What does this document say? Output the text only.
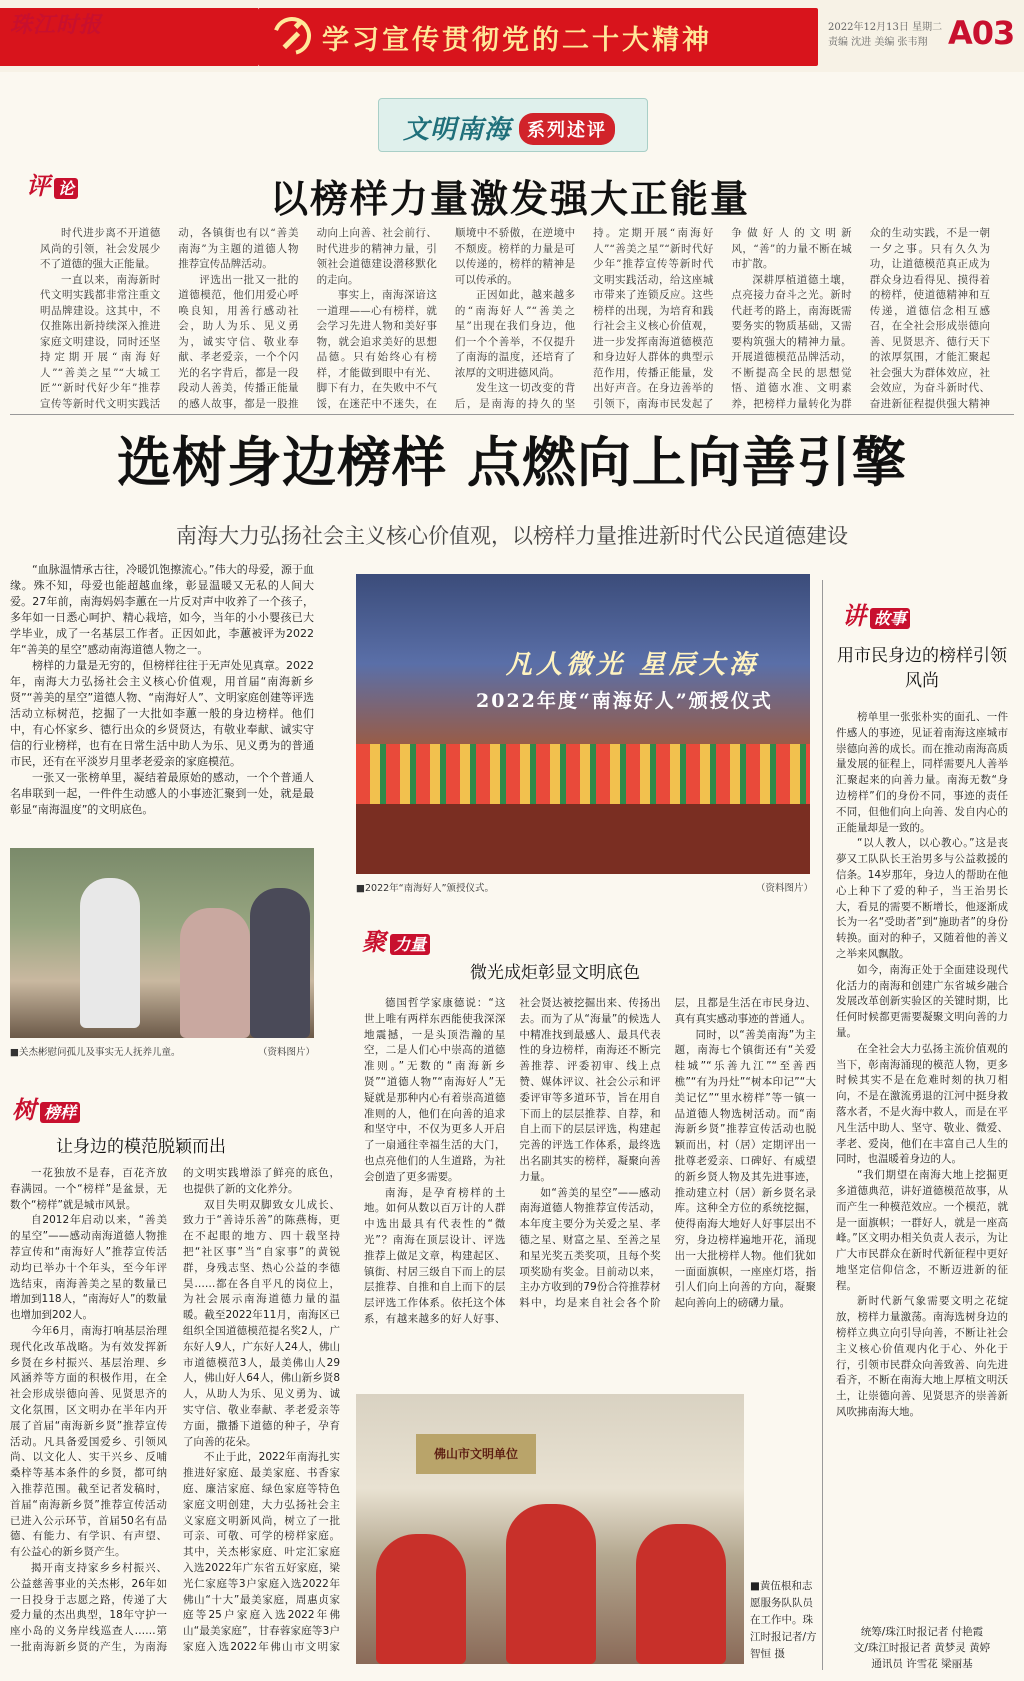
珠江时报	学习宣传贯彻党的二十大精神	2022年12月13日 星期二
责编 沈进 美编 张韦翔 A03
文明南海 系列述评
评论	以榜样力量激发强大正能量

时代进步离不开道德风尚的引领，社会发展少不了道德的强大正能量。

一直以来，南海新时代文明实践都非常注重文明品牌建设。这其中，不仅推陈出新持续深入推进家庭文明建设，同时还坚持定期开展“南海好人”“善美之星”“大城工匠”“新时代好少年”推荐宣传等新时代文明实践活动，各镇街也有以“善美南海”为主题的道德人物推荐宣传品牌活动。

评选出一批又一批的道德模范，他们用爱心呼唤良知，用善行感动社会，助人为乐、见义勇为，诚实守信、敬业奉献、孝老爱亲，一个个闪光的名字背后，都是一段段动人善美，传播正能量的感人故事，都是一股推动向上向善、社会前行、时代进步的精神力量，引领社会道德建设潜移默化的走向。

事实上，南海深谙这一道理——心有榜样，就会学习先进人物和美好事物，就会追求美好的思想品德。只有始终心有榜样，才能做到眼中有光、脚下有力，在失败中不气馁，在迷茫中不迷失，在顺境中不骄傲，在逆境中不颓废。榜样的力量是可以传递的，榜样的精神是可以传承的。

正因如此，越来越多的“南海好人”“善美之星”出现在我们身边，他们一个个善举，不仅提升了南海的温度，还培育了浓厚的文明进德风尚。

发生这一切改变的背后，是南海的持久的坚持。定期开展“南海好人”“善美之星”“新时代好少年”推荐宣传等新时代文明实践活动，给这座城市带来了连锁反应。这些榜样的出现，为培育和践行社会主义核心价值观，进一步发挥南海道德模范和身边好人群体的典型示范作用，传播正能量，发出好声音。在身边善举的引领下，南海市民发起了争做好人的文明新风，“善”的力量不断在城市扩散。

深耕厚植道德土壤，点亮接力奋斗之光。新时代赶考的路上，南海既需要务实的物质基础，又需要构筑强大的精神力量。开展道德模范品牌活动，不断提高全民的思想觉悟、道德水准、文明素养，把榜样力量转化为群众的生动实践，不是一朝一夕之事。只有久久为功，让道德模范真正成为群众身边看得见、摸得着的榜样，使道德精神和互传递，道德信念相互感召，在全社会形成崇德向善、见贤思齐、德行天下的浓厚氛围，才能汇聚起社会强大为群体效应，社会效应，为奋斗新时代、奋进新征程提供强大精神

选树身边榜样 点燃向上向善引擎
南海大力弘扬社会主义核心价值观，以榜样力量推进新时代公民道德建设

“血脉温情承古往，冷暖饥饱擦流心。”伟大的母爱，源于血缘。殊不知，母爱也能超越血缘，彰显温暖又无私的人间大爱。27年前，南海妈妈李蕙在一片反对声中收养了一个孩子，多年如一日悉心呵护、精心栽培，如今，当年的小小婴孩已大学毕业，成了一名基层工作者。正因如此，李蕙被评为2022年“善美的星空”感动南海道德人物之一。

榜样的力量是无穷的，但榜样往往于无声处见真章。2022年，南海大力弘扬社会主义核心价值观，用首届“南海新乡贤”“善美的星空”道德人物、“南海好人”、文明家庭创建等评选活动立标树范，挖掘了一大批如李蕙一般的身边榜样。他们中，有心怀家乡、德行出众的乡贤贤达，有敬业奉献、诚实守信的行业榜样，也有在日常生活中助人为乐、见义勇为的普通市民，还有在平淡岁月里孝老爱亲的家庭模范。

一张又一张榜单里，凝结着最原始的感动，一个个普通人名串联到一起，一件件生动感人的小事迹汇聚到一处，就是最彰显“南海温度”的文明底色。

■关杰彬慰问孤儿及事实无人抚养儿童。	（资料图片）
凡人微光 星辰大海
2022年度“南海好人”颁授仪式
■2022年“南海好人”颁授仪式。	（资料图片）
聚力量
微光成炬彰显文明底色

德国哲学家康德说：“这世上唯有两样东西能使我深深地震撼，一是头顶浩瀚的星空，二是人们心中崇高的道德准则。”无数的“南海新乡贤”“道德人物”“南海好人”无疑就是那种内心有着崇高道德准则的人，他们在向善的追求和坚守中，不仅为更多人开启了一扇通往幸福生活的大门，也点亮他们的人生道路，为社会创造了更多需要。

南海，是孕育榜样的土地。如何从数以百万计的人群中选出最具有代表性的“微光”？南海在顶层设计、评选推荐上做足文章，构建起区、镇街、村居三级自下而上的层层推荐、自推和自上而下的层层评选工作体系。依托这个体系，有越来越多的好人好事、社会贤达被挖掘出来、传扬出去。而为了从“海量”的候选人中精准找到最感人、最具代表性的身边榜样，南海还不断完善推荐、评委初审、线上点赞、媒体评议、社会公示和评委评审等多道环节，旨在用自下而上的层层推荐、自荐，和自上而下的层层评选，构建起完善的评选工作体系，最终选出名副其实的榜样，凝聚向善力量。

如“善美的星空”——感动南海道德人物推荐宣传活动，本年度主要分为关爱之星、孝德之星、财富之星、至善之星和星光奖五类奖项，且每个奖项奖励有奖金。目前动以来，主办方收到的79份合符推荐材料中，均是来自社会各个阶层，且都是生活在市民身边、真有真实感动事迹的普通人。

同时，以“善美南海”为主题，南海七个镇街还有“关爱桂城”“乐善九江”“至善西樵”“有为丹灶”“树本印记”“大美记忆”“里水榜样”等一镇一品道德人物选树活动。而“南海新乡贤”推荐宣传活动也脱颖而出，村（居）定期评出一批尊老爱亲、口碑好、有威望的新乡贤人物及其先进事迹，推动建立村（居）新乡贤名录库。这种全方位的系统挖掘，使得南海大地好人好事层出不穷，身边榜样遍地开花，涌现出一大批榜样人物。他们犹如一面面旗帜，一座座灯塔，指引人们向上向善的方向，凝聚起向善向上的磅礴力量。

佛山市文明单位
■黄伍根和志愿服务队队员在工作中。珠江时报记者/方智恒 摄
树榜样
让身边的模范脱颖而出

一花独放不是春，百花齐放春满园。一个“榜样”是盆景，无数个“榜样”就是城市风景。

自2012年启动以来，“善美的星空”——感动南海道德人物推荐宣传和“南海好人”推荐宣传活动均已举办十个年头，至今年评选结束，南海善美之星的数量已增加到118人，“南海好人”的数量也增加到202人。

今年6月，南海打响基层治理现代化改革战略。为有效发挥新乡贤在乡村振兴、基层治理、乡风涵养等方面的积极作用，在全社会形成崇德向善、见贤思齐的文化氛围，区文明办在半年内开展了首届“南海新乡贤”推荐宣传活动。凡具备爱国爱乡、引领风尚、以文化人、实干兴乡、反哺桑梓等基本条件的乡贤，都可纳入推荐范围。截至记者发稿时，首届“南海新乡贤”推荐宣传活动已进入公示环节，首届50名有品德、有能力、有学识、有声望、有公益心的新乡贤产生。

揭开南支持家乡乡村振兴、公益慈善事业的关杰彬，26年如一日投身于志愿之路，传递了大爱力量的杰出典型，18年守护一座小岛的义务岸线巡查人……第一批南海新乡贤的产生，为南海的文明实践增添了鲜亮的底色，也提供了新的文化养分。

双目失明双脚致女儿成长、致力于“善诗乐善”的陈燕梅，更在不起眼的地方、四十载坚持把“社区事”当“自家事”的黄锐群，身残志坚、热心公益的李德昊……都在各自平凡的岗位上，为社会展示南海道德力量的温暖。截至2022年11月，南海区已组织全国道德模范提名奖2人，广东好人9人，广东好人24人，佛山市道德模范3人，最美佛山人29人，佛山好人64人，佛山新乡贤8人，从助人为乐、见义勇为、诚实守信、敬业奉献、孝老爱亲等方面，撒播下道德的种子，孕育了向善的花朵。

不止于此，2022年南海扎实推进好家庭、最美家庭、书香家庭、廉洁家庭、绿色家庭等特色家庭文明创建，大力弘扬社会主义家庭文明新风尚，树立了一批可亲、可敬、可学的榜样家庭。其中，关杰彬家庭、叶定汇家庭入选2022年广东省五好家庭，梁光仁家庭等3户家庭入选2022年佛山“十大”最美家庭，周惠贞家庭等25户家庭入选2022年佛山“最美家庭”，甘春蓉家庭等3户家庭入选2022年佛山市文明家

讲故事
用市民身边的榜样引领风尚

榜单里一张张朴实的面孔、一件件感人的事迹，见证着南海这座城市崇德向善的成长。而在推动南海高质量发展的征程上，同样需要凡人善举汇聚起来的向善力量。南海无数“身边榜样”们的身份不同，事迹的责任不同，但他们向上向善、发自内心的正能量却是一致的。

“以人教人，以心教心。”这是丧夢又工队队长王治男多与公益救援的信条。14岁那年，身边人的帮助在他心上种下了爱的种子，当王治男长大，看見的需要不断增长，他逐渐成长为一名“受助者”到“施助者”的身份转换。面对的种子，又随着他的善义之举来风飘散。

如今，南海正处于全面建设现代化活力的南海和创建广东省城乡融合发展改革创新实验区的关键时期，比任何时候都更需要凝聚文明向善的力量。

在全社会大力弘扬主流价值观的当下，彰南海涌现的模范人物，更多时候其实不是在危难时刻的执刀相向，不是在激流勇退的江河中挺身救落水者，不是火海中救人，而是在平凡生活中助人、坚守、敬业、微爱、孝老、爱岗，他们在丰富自己人生的同时，也温暖着身边的人。

“我们期望在南海大地上挖掘更多道德典范，讲好道德模范故事，从而产生一种模范效应。一个模范，就是一面旗帜；一群好人，就是一座高峰。”区文明办相关负责人表示，为让广大市民群众在新时代新征程中更好地坚定信仰信念，不断迈进新的征程。

新时代新气象需要文明之花绽放，榜样力量激荡。南海选树身边的榜样立典立向引导向善，不断让社会主义核心价值观内化于心、外化于行，引领市民群众向善致善、向先进看齐，不断在南海大地上厚植文明沃土，让崇德向善、见贤思齐的崇善新风吹拂南海大地。

统筹/珠江时报记者 付艳霞
文/珠江时报记者 黄梦灵 黄婷
通讯员 许雪花 梁丽基
